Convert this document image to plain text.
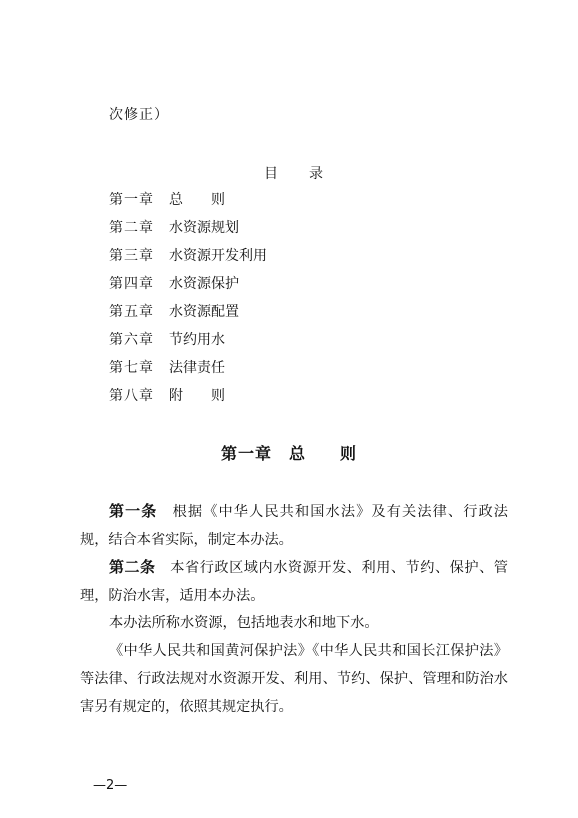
次修正）
目　　录
第一章 总　　则
第二章 水资源规划
第三章 水资源开发利用
第四章 水资源保护
第五章 水资源配置
第六章 节约用水
第七章 法律责任
第八章 附　　则
第一章　总　　则
第一条　 根据《中华人民共和国水法》及有关法律、行政法规，结合本省实际，制定本办法。
第二条　 本省行政区域内水资源开发、利用、节约、保护、管理，防治水害，适用本办法。
本办法所称水资源，包括地表水和地下水。
《中华人民共和国黄河保护法》《中华人民共和国长江保护法》等法律、行政法规对水资源开发、利用、节约、保护、管理和防治水害另有规定的，依照其规定执行。
—2—
